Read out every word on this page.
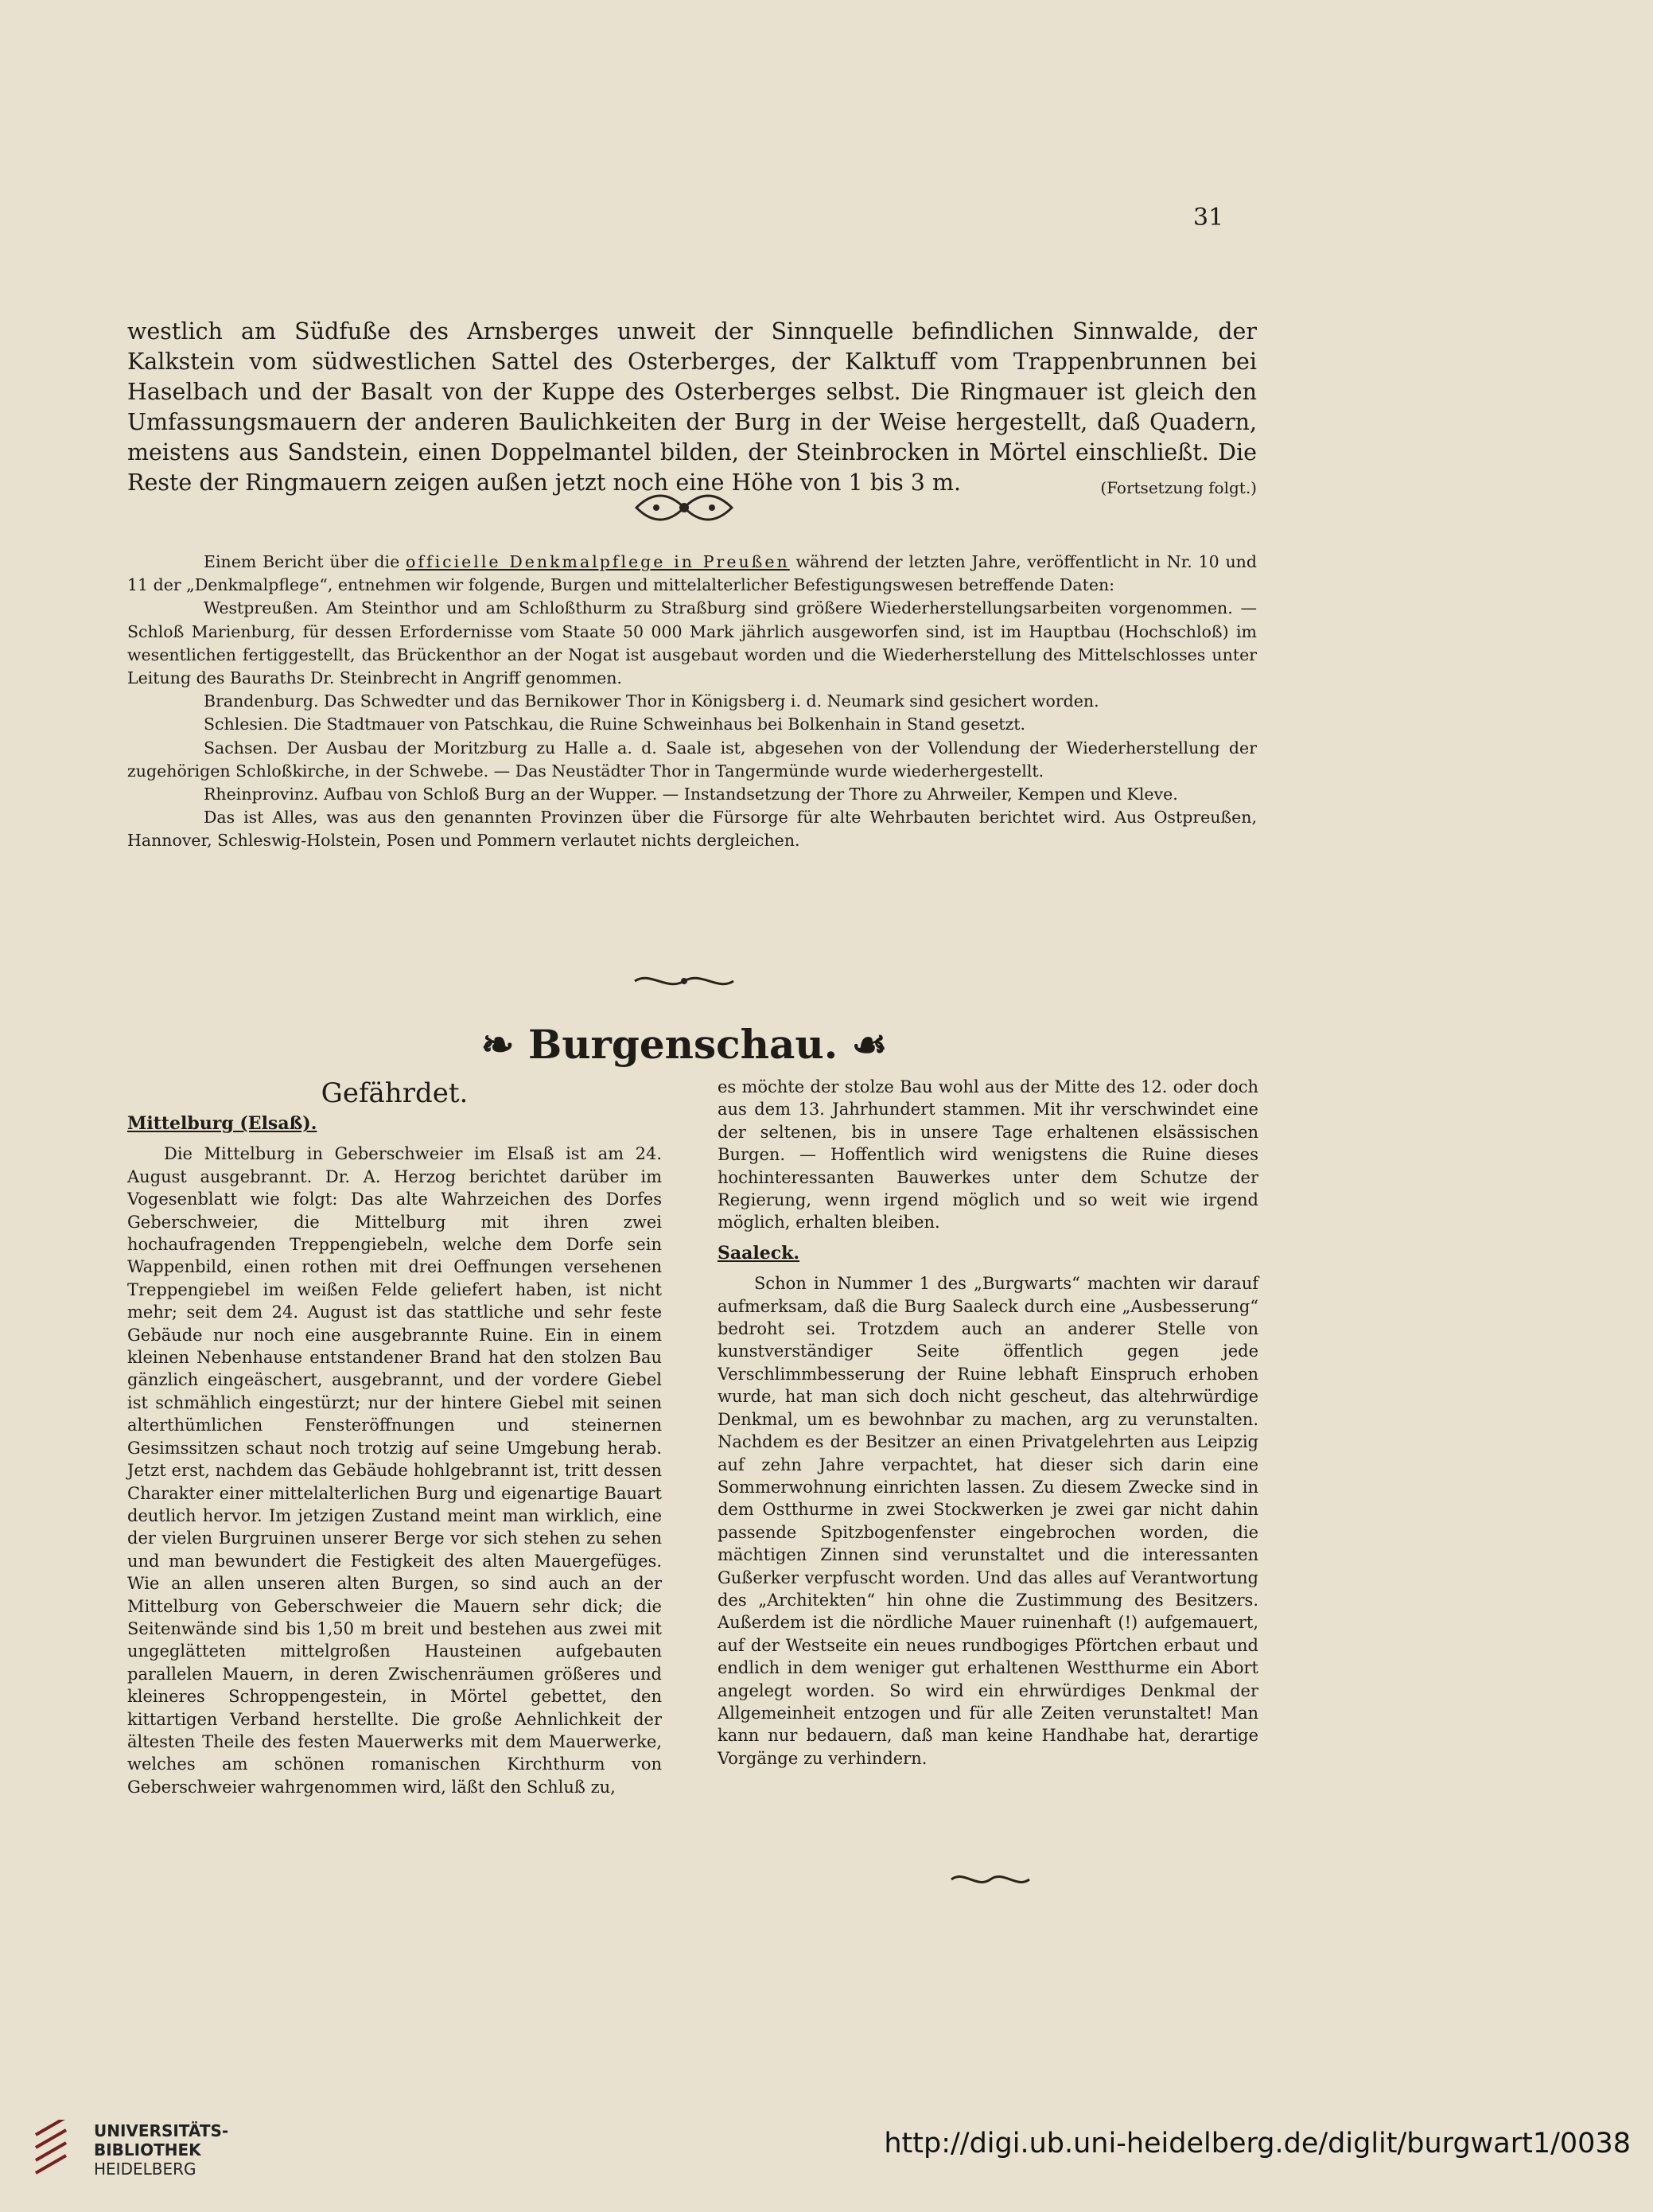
31

westlich am Südfuße des Arnsberges unweit der Sinnquelle befindlichen Sinnwalde, der Kalkstein vom südwestlichen Sattel des Osterberges, der Kalktuff vom Trappenbrunnen bei Haselbach und der Basalt von der Kuppe des Osterberges selbst. Die Ringmauer ist gleich den Umfassungsmauern der anderen Baulichkeiten der Burg in der Weise hergestellt, daß Quadern, meistens aus Sandstein, einen Doppelmantel bilden, der Steinbrocken in Mörtel einschließt. Die Reste der Ringmauern zeigen außen jetzt noch eine Höhe von 1 bis 3 m.	(Fortsetzung folgt.)

Einem Bericht über die officielle Denkmalpflege in Preußen während der letzten Jahre, veröffentlicht in Nr. 10 und 11 der „Denkmalpflege“, entnehmen wir folgende, Burgen und mittelalterlicher Befestigungswesen betreffende Daten:

Westpreußen. Am Steinthor und am Schloßthurm zu Straßburg sind größere Wiederherstellungsarbeiten vorgenommen. — Schloß Marienburg, für dessen Erfordernisse vom Staate 50 000 Mark jährlich ausgeworfen sind, ist im Hauptbau (Hochschloß) im wesentlichen fertiggestellt, das Brückenthor an der Nogat ist ausgebaut worden und die Wiederherstellung des Mittelschlosses unter Leitung des Bauraths Dr. Steinbrecht in Angriff genommen.

Brandenburg. Das Schwedter und das Bernikower Thor in Königsberg i. d. Neumark sind gesichert worden.

Schlesien. Die Stadtmauer von Patschkau, die Ruine Schweinhaus bei Bolkenhain in Stand gesetzt.

Sachsen. Der Ausbau der Moritzburg zu Halle a. d. Saale ist, abgesehen von der Vollendung der Wiederherstellung der zugehörigen Schloßkirche, in der Schwebe. — Das Neustädter Thor in Tangermünde wurde wiederhergestellt.

Rheinprovinz. Aufbau von Schloß Burg an der Wupper. — Instandsetzung der Thore zu Ahrweiler, Kempen und Kleve.

Das ist Alles, was aus den genannten Provinzen über die Fürsorge für alte Wehrbauten berichtet wird. Aus Ostpreußen, Hannover, Schleswig-Holstein, Posen und Pommern verlautet nichts dergleichen.

❧ Burgenschau. ☙
Gefährdet.
Mittelburg (Elsaß).

Die Mittelburg in Geberschweier im Elsaß ist am 24. August ausgebrannt. Dr. A. Herzog berichtet darüber im Vogesenblatt wie folgt: Das alte Wahrzeichen des Dorfes Geberschweier, die Mittelburg mit ihren zwei hochaufragenden Treppengiebeln, welche dem Dorfe sein Wappenbild, einen rothen mit drei Oeffnungen versehenen Treppengiebel im weißen Felde geliefert haben, ist nicht mehr; seit dem 24. August ist das stattliche und sehr feste Gebäude nur noch eine ausgebrannte Ruine. Ein in einem kleinen Nebenhause entstandener Brand hat den stolzen Bau gänzlich eingeäschert, ausgebrannt, und der vordere Giebel ist schmählich eingestürzt; nur der hintere Giebel mit seinen alterthümlichen Fensteröffnungen und steinernen Gesimssitzen schaut noch trotzig auf seine Umgebung herab. Jetzt erst, nachdem das Gebäude hohlgebrannt ist, tritt dessen Charakter einer mittelalterlichen Burg und eigenartige Bauart deutlich hervor. Im jetzigen Zustand meint man wirklich, eine der vielen Burgruinen unserer Berge vor sich stehen zu sehen und man bewundert die Festigkeit des alten Mauergefüges. Wie an allen unseren alten Burgen, so sind auch an der Mittelburg von Geberschweier die Mauern sehr dick; die Seitenwände sind bis 1,50 m breit und bestehen aus zwei mit ungeglätteten mittelgroßen Hausteinen aufgebauten parallelen Mauern, in deren Zwischenräumen größeres und kleineres Schroppengestein, in Mörtel gebettet, den kittartigen Verband herstellte. Die große Aehnlichkeit der ältesten Theile des festen Mauerwerks mit dem Mauerwerke, welches am schönen romanischen Kirchthurm von Geberschweier wahrgenommen wird, läßt den Schluß zu,

es möchte der stolze Bau wohl aus der Mitte des 12. oder doch aus dem 13. Jahrhundert stammen. Mit ihr verschwindet eine der seltenen, bis in unsere Tage erhaltenen elsässischen Burgen. — Hoffentlich wird wenigstens die Ruine dieses hochinteressanten Bauwerkes unter dem Schutze der Regierung, wenn irgend möglich und so weit wie irgend möglich, erhalten bleiben.

Saaleck.

Schon in Nummer 1 des „Burgwarts“ machten wir darauf aufmerksam, daß die Burg Saaleck durch eine „Ausbesserung“ bedroht sei. Trotzdem auch an anderer Stelle von kunstverständiger Seite öffentlich gegen jede Verschlimmbesserung der Ruine lebhaft Einspruch erhoben wurde, hat man sich doch nicht gescheut, das altehrwürdige Denkmal, um es bewohnbar zu machen, arg zu verunstalten. Nachdem es der Besitzer an einen Privatgelehrten aus Leipzig auf zehn Jahre verpachtet, hat dieser sich darin eine Sommerwohnung einrichten lassen. Zu diesem Zwecke sind in dem Ostthurme in zwei Stockwerken je zwei gar nicht dahin passende Spitzbogenfenster eingebrochen worden, die mächtigen Zinnen sind verunstaltet und die interessanten Gußerker verpfuscht worden. Und das alles auf Verantwortung des „Architekten“ hin ohne die Zustimmung des Besitzers. Außerdem ist die nördliche Mauer ruinenhaft (!) aufgemauert, auf der Westseite ein neues rundbogiges Pförtchen erbaut und endlich in dem weniger gut erhaltenen Westthurme ein Abort angelegt worden. So wird ein ehrwürdiges Denkmal der Allgemeinheit entzogen und für alle Zeiten verunstaltet! Man kann nur bedauern, daß man keine Handhabe hat, derartige Vorgänge zu verhindern.

UNIVERSITÄTS-
BIBLIOTHEK
HEIDELBERG
http://digi.ub.uni-heidelberg.de/diglit/burgwart1/0038
